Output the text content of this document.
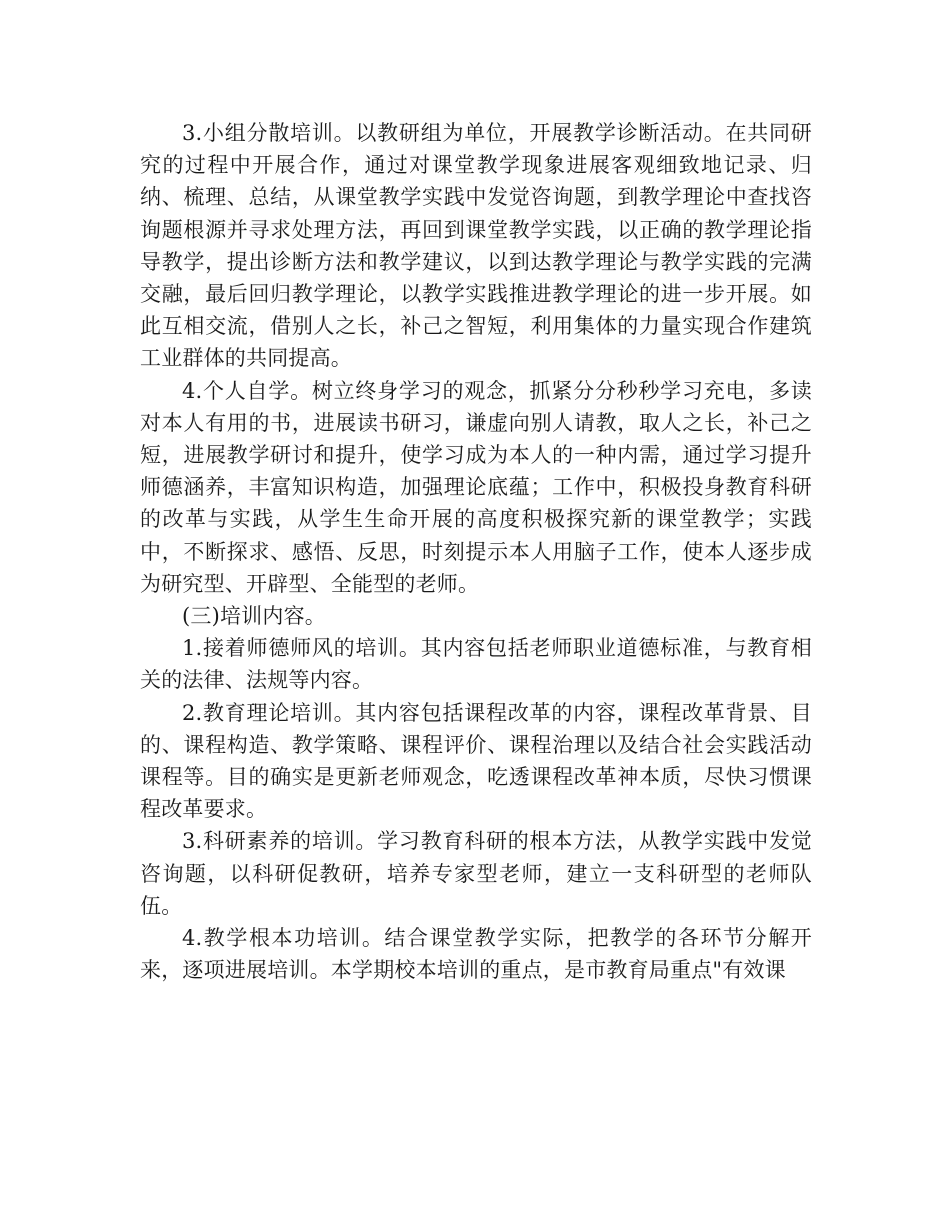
3.小组分散培训。以教研组为单位，开展教学诊断活动。在共同研究的过程中开展合作，通过对课堂教学现象进展客观细致地记录、归纳、梳理、总结，从课堂教学实践中发觉咨询题，到教学理论中查找咨询题根源并寻求处理方法，再回到课堂教学实践，以正确的教学理论指导教学，提出诊断方法和教学建议，以到达教学理论与教学实践的完满交融，最后回归教学理论，以教学实践推进教学理论的进一步开展。如此互相交流，借别人之长，补己之智短，利用集体的力量实现合作建筑工业群体的共同提高。

4.个人自学。树立终身学习的观念，抓紧分分秒秒学习充电，多读对本人有用的书，进展读书研习，谦虚向别人请教，取人之长，补己之短，进展教学研讨和提升，使学习成为本人的一种内需，通过学习提升师德涵养，丰富知识构造，加强理论底蕴；工作中，积极投身教育科研的改革与实践，从学生生命开展的高度积极探究新的课堂教学；实践中，不断探求、感悟、反思，时刻提示本人用脑子工作，使本人逐步成为研究型、开辟型、全能型的老师。

(三)培训内容。

1.接着师德师风的培训。其内容包括老师职业道德标准，与教育相关的法律、法规等内容。

2.教育理论培训。其内容包括课程改革的内容，课程改革背景、目的、课程构造、教学策略、课程评价、课程治理以及结合社会实践活动课程等。目的确实是更新老师观念，吃透课程改革神本质，尽快习惯课程改革要求。

3.科研素养的培训。学习教育科研的根本方法，从教学实践中发觉咨询题，以科研促教研，培养专家型老师，建立一支科研型的老师队伍。

4.教学根本功培训。结合课堂教学实际，把教学的各环节分解开来，逐项进展培训。本学期校本培训的重点，是市教育局重点"有效课
